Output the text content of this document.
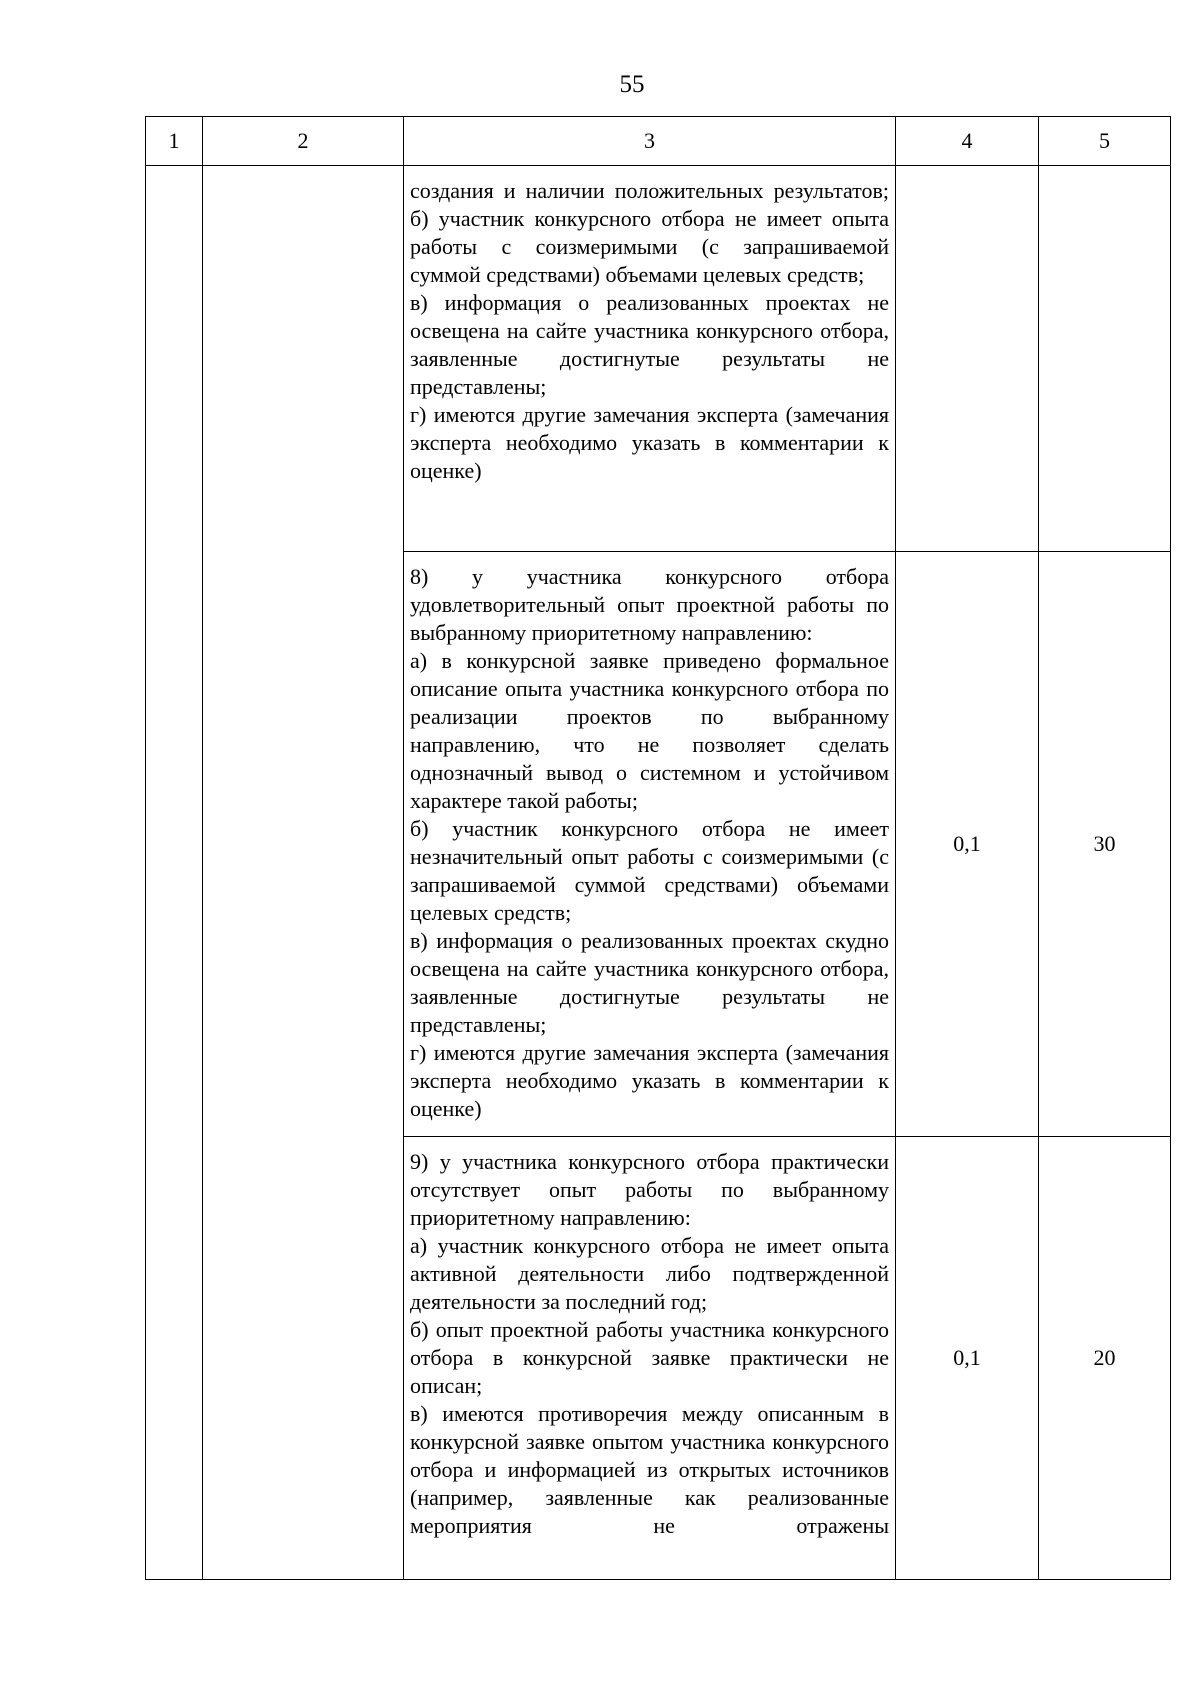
55
1	2	3	4	5

		создания и наличии положительных результатов;
б) участник конкурсного отбора не имеет опыта работы с соизмеримыми (с запрашиваемой суммой средствами) объемами целевых средств;
в) информация о реализованных проектах не освещена на сайте участника конкурсного отбора, заявленные достигнутые результаты не представлены;
г) имеются другие замечания эксперта (замечания эксперта необходимо указать в комментарии к оценке)		

		8) у участника конкурсного отбора удовлетворительный опыт проектной работы по выбранному приоритетному направлению:
а) в конкурсной заявке приведено формальное описание опыта участника конкурсного отбора по реализации проектов по выбранному направлению, что не позволяет сделать однозначный вывод о системном и устойчивом характере такой работы;
б) участник конкурсного отбора не имеет незначительный опыт работы с соизмеримыми (с запрашиваемой суммой средствами) объемами целевых средств;
в) информация о реализованных проектах скудно освещена на сайте участника конкурсного отбора, заявленные достигнутые результаты не представлены;
г) имеются другие замечания эксперта (замечания эксперта необходимо указать в комментарии к оценке)	0,1	30

		9) у участника конкурсного отбора практически отсутствует опыт работы по выбранному приоритетному направлению:
а) участник конкурсного отбора не имеет опыта активной деятельности либо подтвержденной деятельности за последний год;
б) опыт проектной работы участника конкурсного отбора в конкурсной заявке практически не описан;
в) имеются противоречия между описанным в конкурсной заявке опытом участника конкурсного отбора и информацией из открытых источников (например, заявленные как реализованные мероприятия не отражены	0,1	20
